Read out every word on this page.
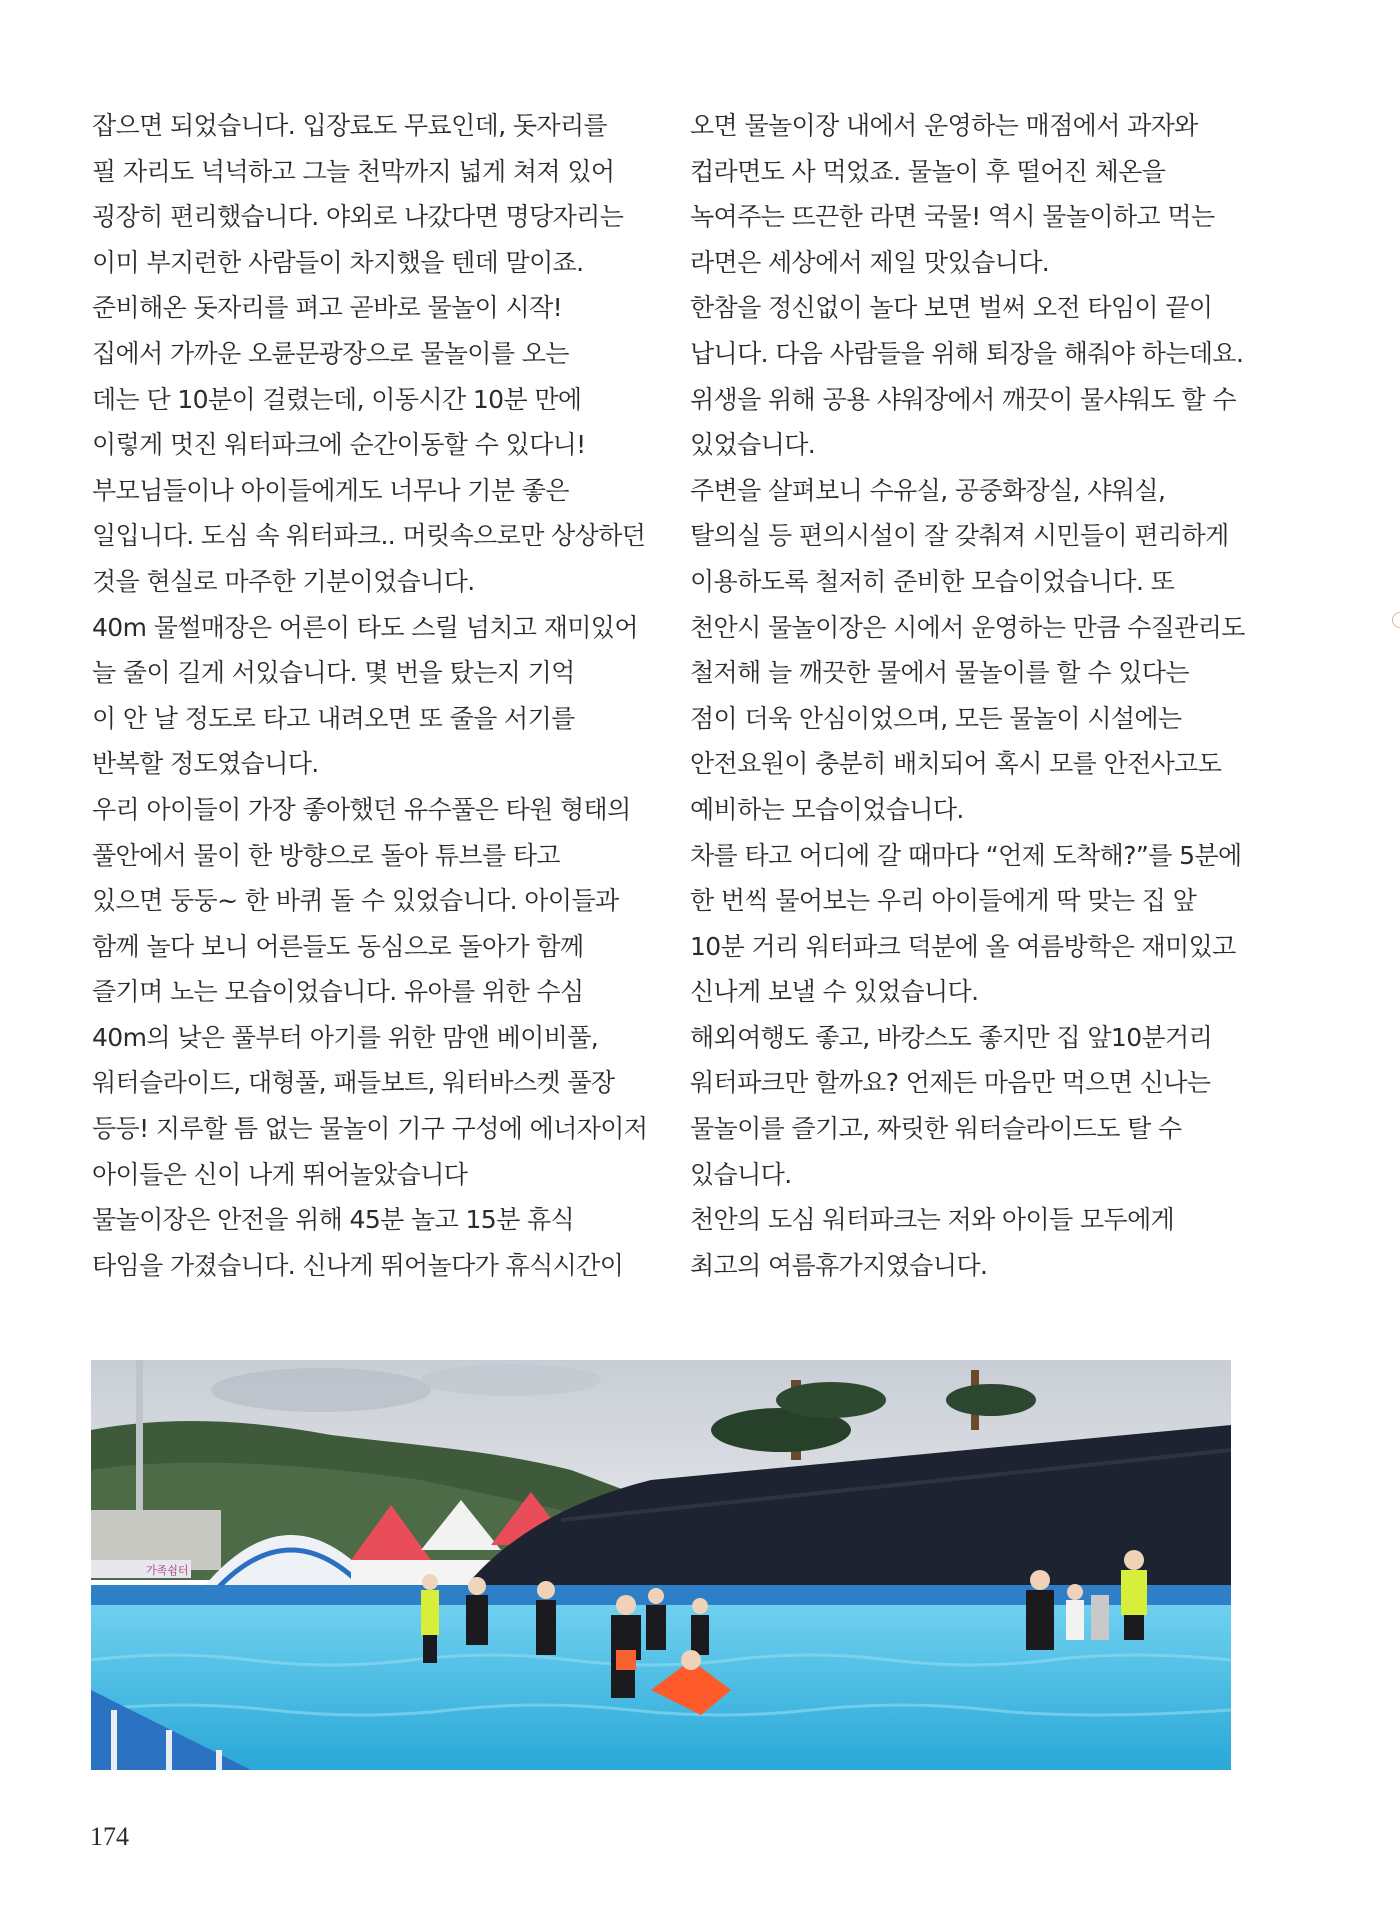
잡으면 되었습니다. 입장료도 무료인데, 돗자리를
필 자리도 넉넉하고 그늘 천막까지 넓게 쳐져 있어
굉장히 편리했습니다. 야외로 나갔다면 명당자리는
이미 부지런한 사람들이 차지했을 텐데 말이죠.
준비해온 돗자리를 펴고 곧바로 물놀이 시작!
집에서 가까운 오륜문광장으로 물놀이를 오는
데는 단 10분이 걸렸는데, 이동시간 10분 만에
이렇게 멋진 워터파크에 순간이동할 수 있다니!
부모님들이나 아이들에게도 너무나 기분 좋은
일입니다. 도심 속 워터파크.. 머릿속으로만 상상하던
것을 현실로 마주한 기분이었습니다.
40m 물썰매장은 어른이 타도 스릴 넘치고 재미있어
늘 줄이 길게 서있습니다. 몇 번을 탔는지 기억
이 안 날 정도로 타고 내려오면 또 줄을 서기를
반복할 정도였습니다.
우리 아이들이 가장 좋아했던 유수풀은 타원 형태의
풀안에서 물이 한 방향으로 돌아 튜브를 타고
있으면 둥둥~ 한 바퀴 돌 수 있었습니다. 아이들과
함께 놀다 보니 어른들도 동심으로 돌아가 함께
즐기며 노는 모습이었습니다. 유아를 위한 수심
40m의 낮은 풀부터 아기를 위한 맘앤 베이비풀,
워터슬라이드, 대형풀, 패들보트, 워터바스켓 풀장
등등! 지루할 틈 없는 물놀이 기구 구성에 에너자이저
아이들은 신이 나게 뛰어놀았습니다
물놀이장은 안전을 위해 45분 놀고 15분 휴식
타임을 가졌습니다. 신나게 뛰어놀다가 휴식시간이
오면 물놀이장 내에서 운영하는 매점에서 과자와
컵라면도 사 먹었죠. 물놀이 후 떨어진 체온을
녹여주는 뜨끈한 라면 국물! 역시 물놀이하고 먹는
라면은 세상에서 제일 맛있습니다.
한참을 정신없이 놀다 보면 벌써 오전 타임이 끝이
납니다. 다음 사람들을 위해 퇴장을 해줘야 하는데요.
위생을 위해 공용 샤워장에서 깨끗이 물샤워도 할 수
있었습니다.
주변을 살펴보니 수유실, 공중화장실, 샤워실,
탈의실 등 편의시설이 잘 갖춰져 시민들이 편리하게
이용하도록 철저히 준비한 모습이었습니다. 또
천안시 물놀이장은 시에서 운영하는 만큼 수질관리도
철저해 늘 깨끗한 물에서 물놀이를 할 수 있다는
점이 더욱 안심이었으며, 모든 물놀이 시설에는
안전요원이 충분히 배치되어 혹시 모를 안전사고도
예비하는 모습이었습니다.
차를 타고 어디에 갈 때마다 “언제 도착해?”를 5분에
한 번씩 물어보는 우리 아이들에게 딱 맞는 집 앞
10분 거리 워터파크 덕분에 올 여름방학은 재미있고
신나게 보낼 수 있었습니다.
해외여행도 좋고, 바캉스도 좋지만 집 앞10분거리
워터파크만 할까요? 언제든 마음만 먹으면 신나는
물놀이를 즐기고, 짜릿한 워터슬라이드도 탈 수
있습니다.
천안의 도심 워터파크는 저와 아이들 모두에게
최고의 여름휴가지였습니다.
가족쉼터
174
